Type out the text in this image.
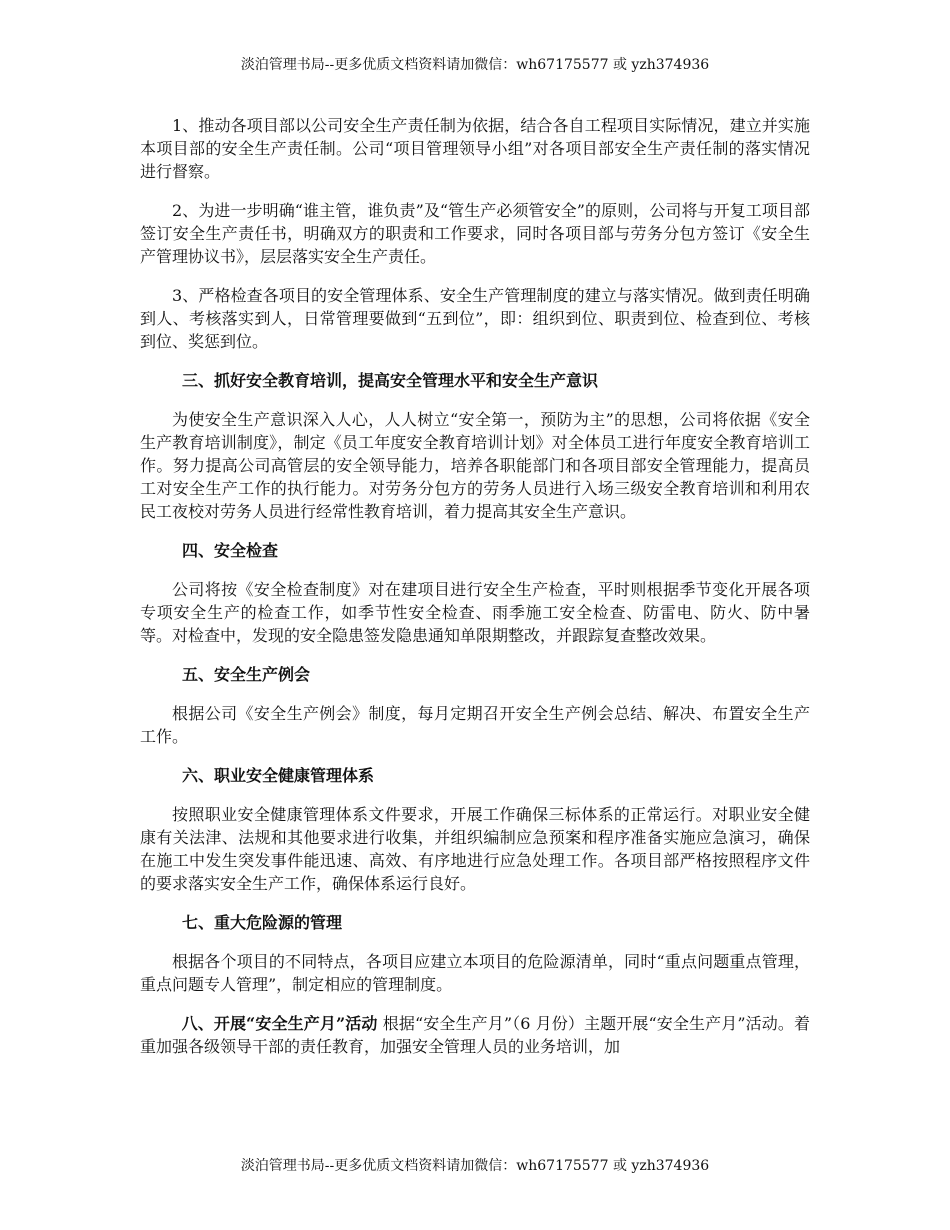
淡泊管理书局--更多优质文档资料请加微信：wh67175577 或 yzh374936

1、推动各项目部以公司安全生产责任制为依据，结合各自工程项目实际情况，建立并实施本项目部的安全生产责任制。公司“项目管理领导小组”对各项目部安全生产责任制的落实情况进行督察。

2、为进一步明确“谁主管，谁负责”及“管生产必须管安全”的原则，公司将与开复工项目部签订安全生产责任书，明确双方的职责和工作要求，同时各项目部与劳务分包方签订《安全生产管理协议书》，层层落实安全生产责任。

3、严格检查各项目的安全管理体系、安全生产管理制度的建立与落实情况。做到责任明确到人、考核落实到人，日常管理要做到“五到位”，即：组织到位、职责到位、检查到位、考核到位、奖惩到位。

三、抓好安全教育培训，提高安全管理水平和安全生产意识

为使安全生产意识深入人心，人人树立“安全第一，预防为主”的思想，公司将依据《安全生产教育培训制度》，制定《员工年度安全教育培训计划》对全体员工进行年度安全教育培训工作。努力提高公司高管层的安全领导能力，培养各职能部门和各项目部安全管理能力，提高员工对安全生产工作的执行能力。对劳务分包方的劳务人员进行入场三级安全教育培训和利用农民工夜校对劳务人员进行经常性教育培训，着力提高其安全生产意识。

四、安全检查

公司将按《安全检查制度》对在建项目进行安全生产检查，平时则根据季节变化开展各项专项安全生产的检查工作，如季节性安全检查、雨季施工安全检查、防雷电、防火、防中暑等。对检查中，发现的安全隐患签发隐患通知单限期整改，并跟踪复查整改效果。

五、安全生产例会

根据公司《安全生产例会》制度，每月定期召开安全生产例会总结、解决、布置安全生产工作。

六、职业安全健康管理体系

按照职业安全健康管理体系文件要求，开展工作确保三标体系的正常运行。对职业安全健康有关法津、法规和其他要求进行收集，并组织编制应急预案和程序准备实施应急演习，确保在施工中发生突发事件能迅速、高效、有序地进行应急处理工作。各项目部严格按照程序文件的要求落实安全生产工作，确保体系运行良好。

七、重大危险源的管理

根据各个项目的不同特点，各项目应建立本项目的危险源清单，同时“重点问题重点管理，重点问题专人管理”，制定相应的管理制度。

八、开展“安全生产月”活动 根据“安全生产月”（6 月份）主题开展“安全生产月”活动。着重加强各级领导干部的责任教育，加强安全管理人员的业务培训，加

淡泊管理书局--更多优质文档资料请加微信：wh67175577 或 yzh374936
